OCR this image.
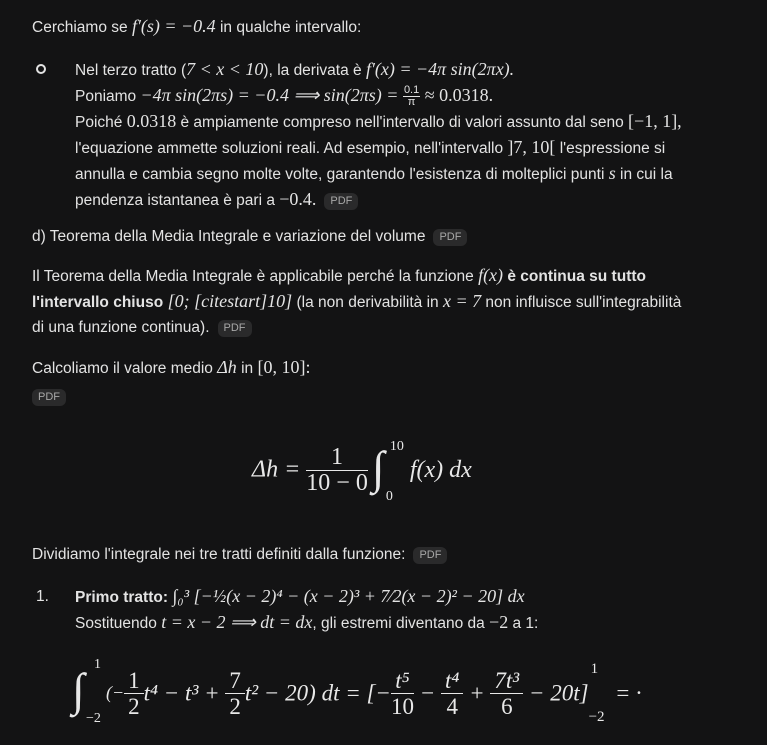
Cerchiamo se f′(s) = −0.4 in qualche intervallo:
Nel terzo tratto (7 < x < 10), la derivata è f′(x) = −4π sin(2πx).
Poniamo −4π sin(2πs) = −0.4 ⟹ $\sin(2\pi s) = \frac{0.1}{\pi} \approx 0.0318$.
Poiché 0.0318 è ampiamente compreso nell'intervallo di valori assunto dal seno [−1, 1],
l'equazione ammette soluzioni reali. Ad esempio, nell'intervallo ]7, 10[ l'espressione si
annulla e cambia segno molte volte, garantendo l'esistenza di molteplici punti s in cui la
pendenza istantanea è pari a −0.4. PDF
d) Teorema della Media Integrale e variazione del volume PDF
Il Teorema della Media Integrale è applicabile perché la funzione f(x) è continua su tutto
l'intervallo chiuso [0; [citestart]10] (la non derivabilità in x = 7 non influisce sull'integrabilità
di una funzione continua). PDF
Calcoliamo il valore medio Δh in [0, 10]:
PDF
$\Delta h = \frac{1}{10 - 0}$ ∫ 10
0
f(x) dx
Dividiamo l'integrale nei tre tratti definiti dalla funzione: PDF
1. Primo tratto: ∫₀³ [−½(x − 2)⁴ − (x − 2)³ + 7⁄2(x − 2)² − 20] dx
Sostituendo t = x − 2 ⟹ dt = dx, gli estremi diventano da −2 a 1:
∫ 1
−2
(− $\frac{1}{2} t^4 - t^3 + \frac{7}{2} t^2 - 20$) dt = [− $\frac{\text{t⁵}}{10} - \frac{\text{t⁴}}{4} + \frac{\text{7t³}}{6} - 20t$]
1
−2
= ·
